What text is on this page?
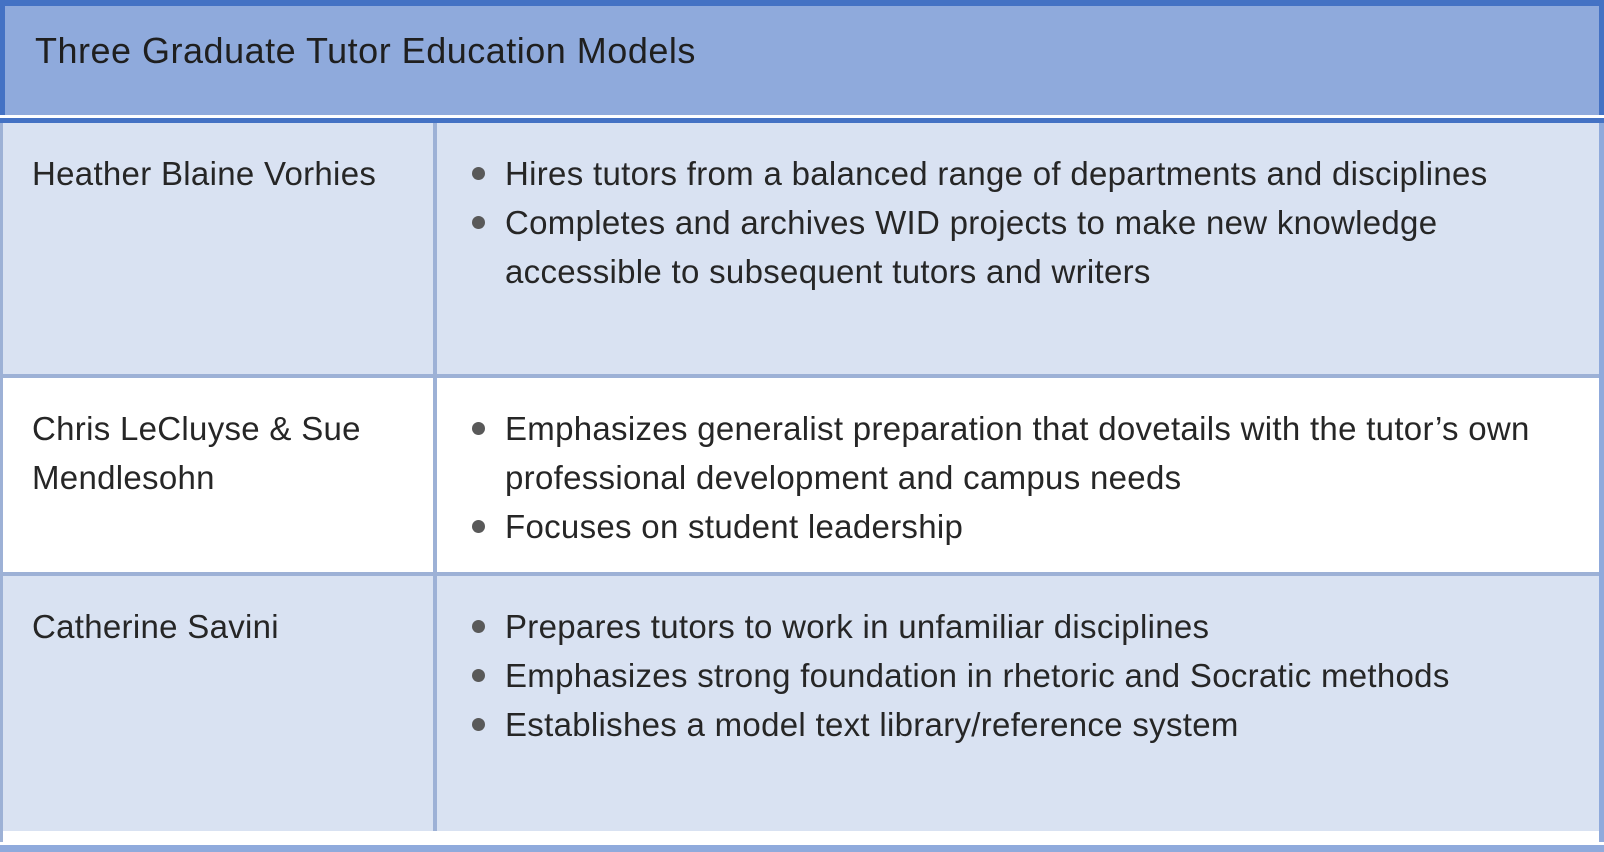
Three Graduate Tutor Education Models
Heather Blaine Vorhies	Hires tutors from a balanced range of departments and disciplines
Completes and archives WID projects to make new knowledge accessible to subsequent tutors and writers
Chris LeCluyse & Sue Mendlesohn
Emphasizes generalist preparation that dovetails with the tutor’s own professional development and campus needs
Focuses on student leadership
Catherine Savini	Prepares tutors to work in unfamiliar disciplines
Emphasizes strong foundation in rhetoric and Socratic methods
Establishes a model text library/reference system
